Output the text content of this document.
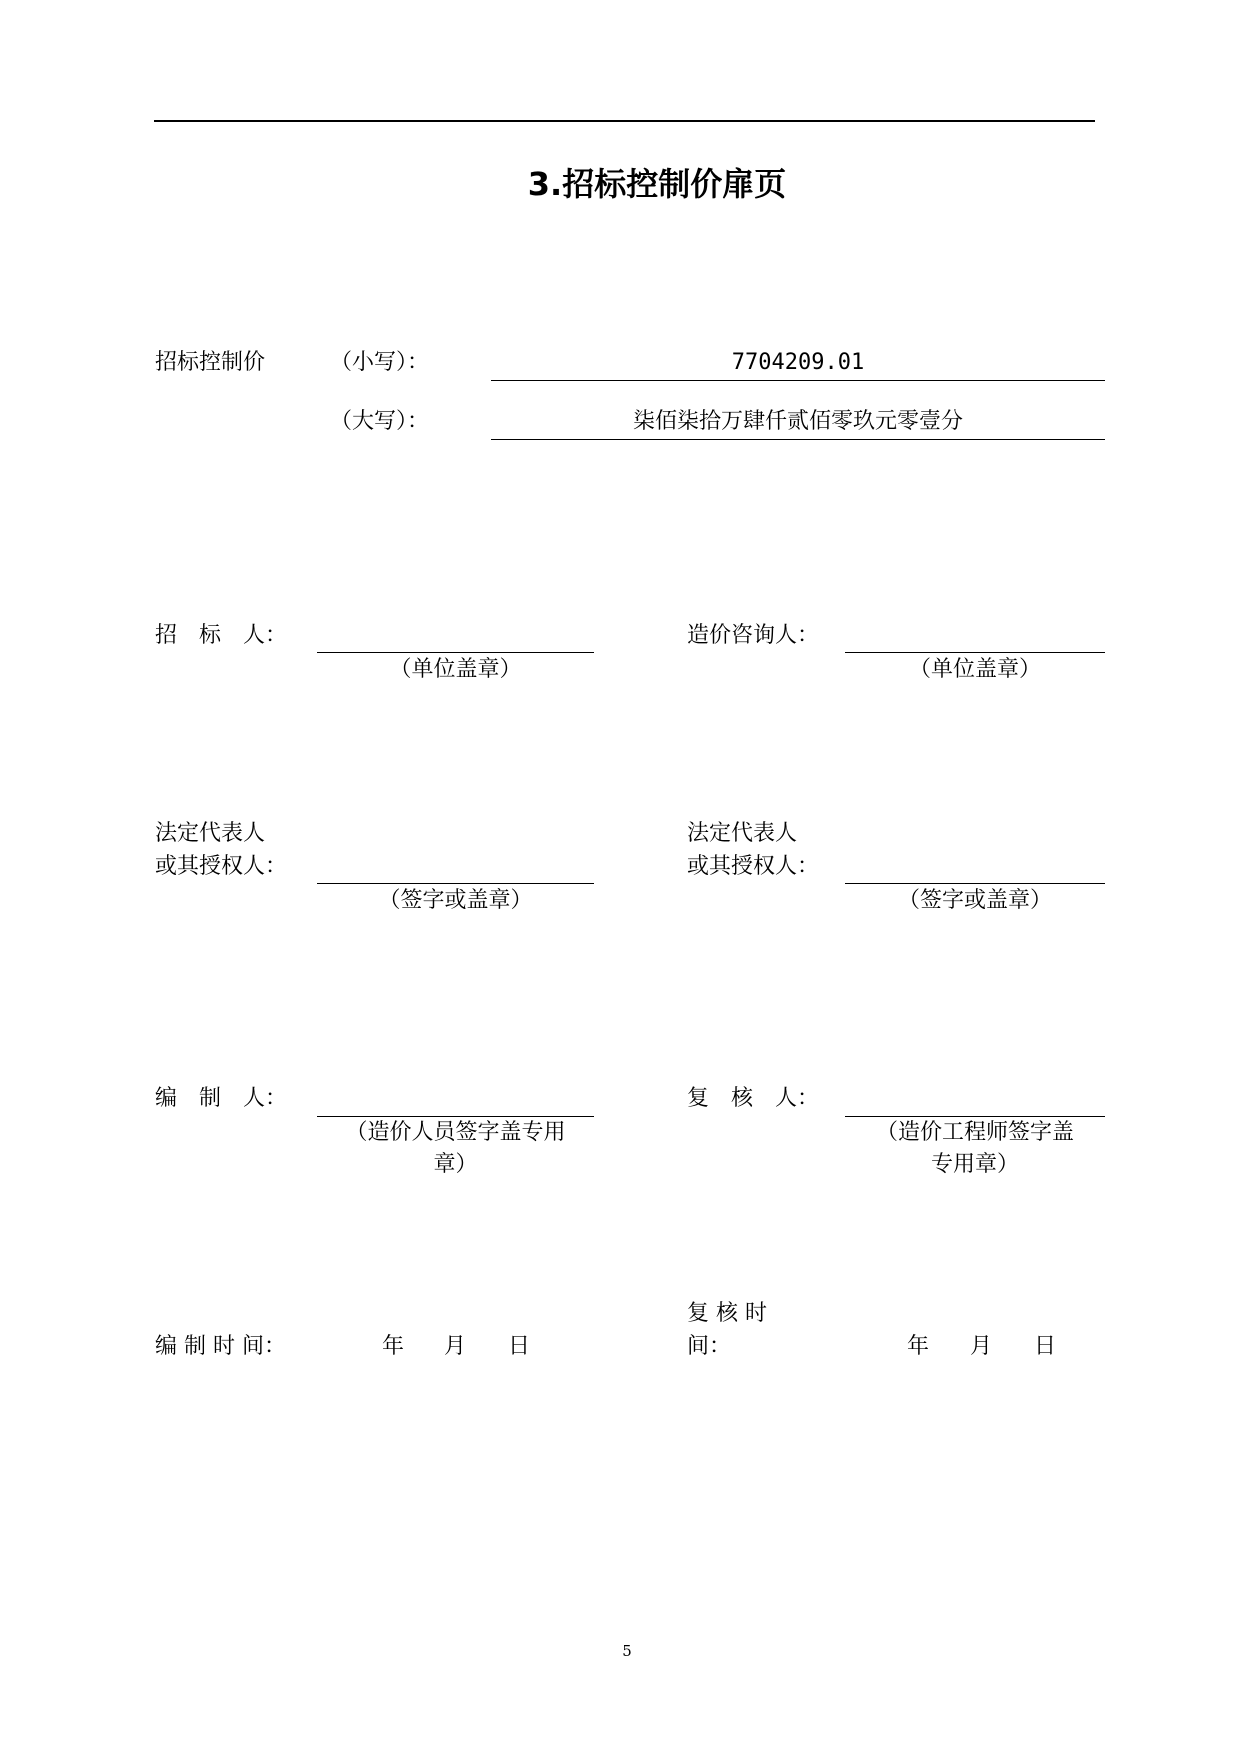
3.招标控制价扉页
招标控制价	（小写）：	7704209.01
（大写）：	柒佰柒拾万肆仟贰佰零玖元零壹分
招　标　人：
（单位盖章）
造价咨询人：
（单位盖章）
法定代表人
或其授权人：
（签字或盖章）
法定代表人
或其授权人：
（签字或盖章）
编　制　人：
（造价人员签字盖专用
章）
复　核　人：
（造价工程师签字盖
专用章）
编 制 时 间：	年 月 日
复 核 时
间：	年 月 日
5
